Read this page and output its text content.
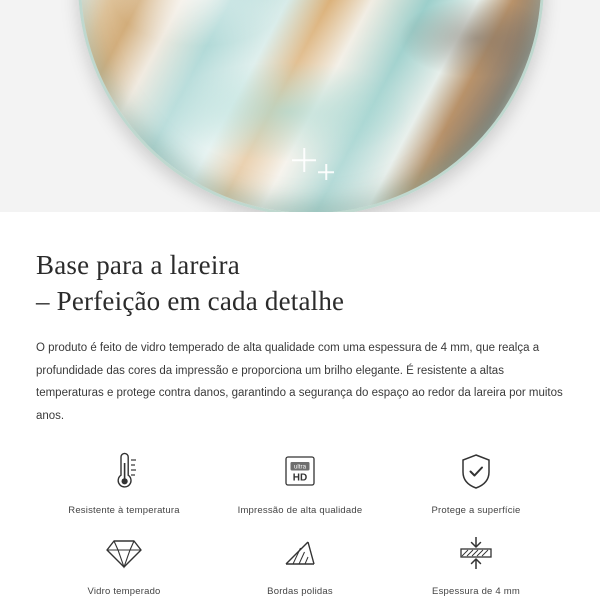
Base para a lareira
– Perfeição em cada detalhe

O produto é feito de vidro temperado de alta qualidade com uma espessura de 4 mm, que realça a profundidade das cores da impressão e proporciona um brilho elegante. É resistente a altas temperaturas e protege contra danos, garantindo a segurança do espaço ao redor da lareira por muitos anos.

Resistente à temperatura
ultra
HD
Impressão de alta qualidade	Protege a superfície
Vidro temperado	Bordas polidas	Espessura de 4 mm
